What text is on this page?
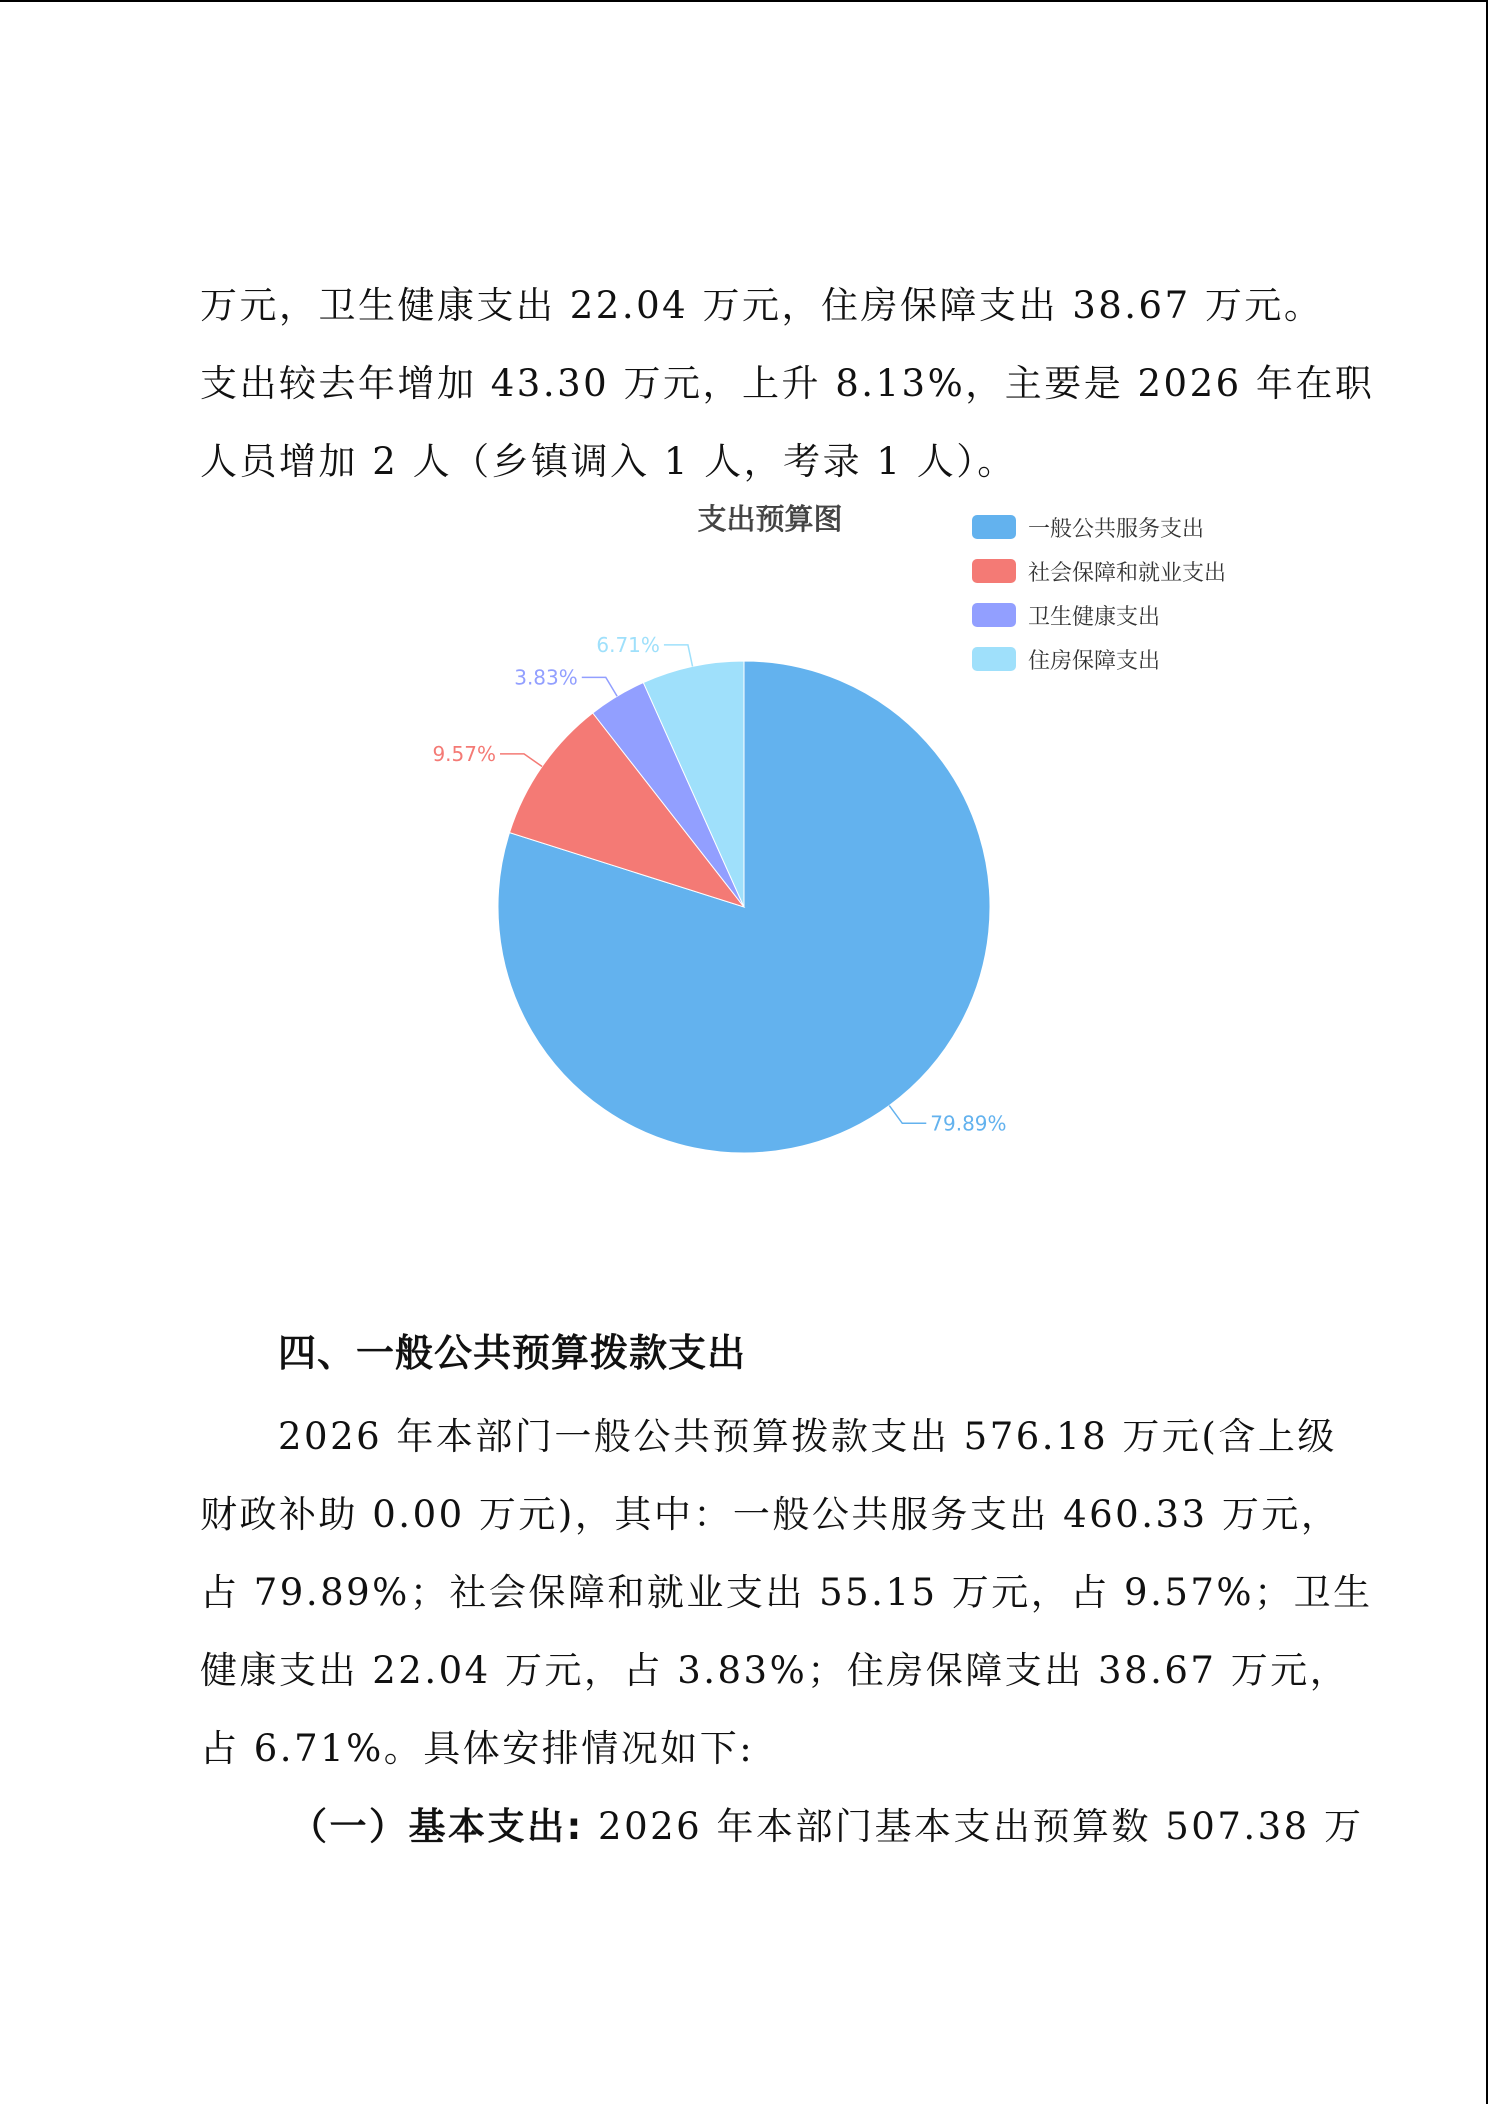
万元，卫生健康支出 22.04 万元，住房保障支出 38.67 万元。
支出较去年增加 43.30 万元，上升 8.13%，主要是 2026 年在职
人员增加 2 人（乡镇调入 1 人，考录 1 人）。
支出预算图	一般公共服务支出
社会保障和就业支出
卫生健康支出
住房保障支出
79.89%
9.57%
3.83%
6.71%
四、一般公共预算拨款支出
2026 年本部门一般公共预算拨款支出 576.18 万元(含上级
财政补助 0.00 万元)，其中：一般公共服务支出 460.33 万元，
占 79.89%；社会保障和就业支出 55.15 万元，占 9.57%；卫生
健康支出 22.04 万元，占 3.83%；住房保障支出 38.67 万元，
占 6.71%。具体安排情况如下:
（一）基本支出: 2026 年本部门基本支出预算数 507.38 万
